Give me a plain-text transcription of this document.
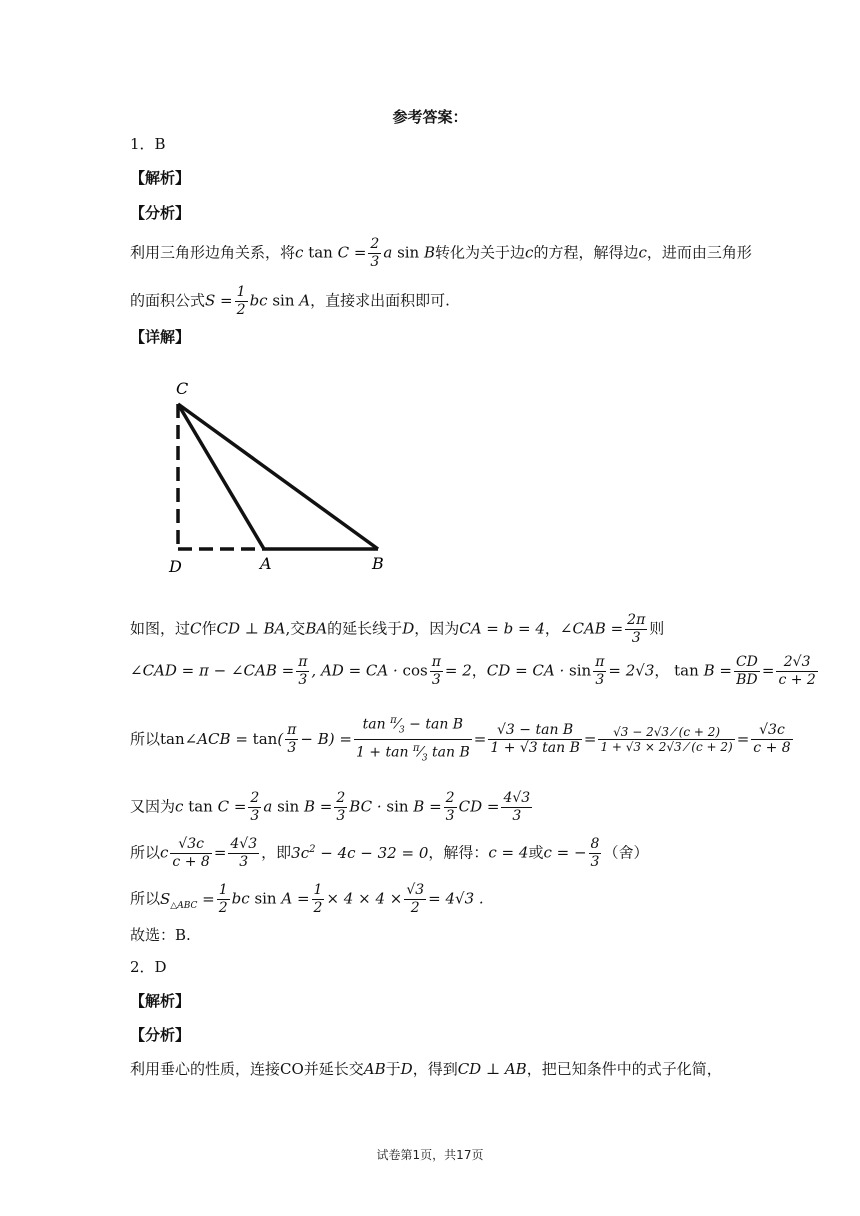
参考答案：
1．B
【解析】
【分析】
利用三角形边角关系，将c $\tan C = \frac{2}{3}$ a sin B转化为关于边c的方程，解得边c，进而由三角形
的面积公式$S = \frac{1}{2}$ bc sin A，直接求出面积即可.
【详解】
C
D	A	B
如图，过C作CD ⊥ BA,交BA的延长线于D，因为CA = b = 4，∠CAB = $\frac{2\pi}{3}$ 则
∠CAD = π − ∠CAB = $\frac{\pi}{3}$ , AD = CA · $\cos \frac{\pi}{3} = 2$，CD = CA · $\sin \frac{\pi}{3} = 2√3$， $\tan B = \frac{CD}{BD} = \frac{2√3}{c + 2}$
所以tan∠ACB = $\tan( \frac{\pi}{3} - B) = \frac{\tan ^\pi⁄_3 - \tan B}{1 + \tan ^\pi⁄_3 \tan B} = \frac{\text{√3 − tan B}}{\text{1 + √3 tan B}} = \frac{√3 - 2√3 ⁄ (c + 2)}{1 + √3 \times 2√3 ⁄ (c + 2)} = \frac{√3c}{c + 8}$
又因为c $\tan C = \frac{2}{3}$ a $\sin B = \frac{2}{3}$ BC · $\sin B = \frac{2}{3}$ CD = $\frac{4√3}{3}$
所以c $\frac{√3c}{c + 8} = \frac{4√3}{3}$ ，即$3c^2 - 4c - 32 = 0$，解得：c = 4或c = − $\frac{8}{3}$ （舍）
所以$S_{\triangle ABC} = \frac{1}{2}$ bc $\sin A = \frac{1}{2} \times 4 \times 4 \times \frac{√3}{2} = 4√3$ .
故选：B.
2．D
【解析】
【分析】
利用垂心的性质，连接CO并延长交AB于D，得到CD ⊥ AB，把已知条件中的式子化简，
试卷第1页，共17页
